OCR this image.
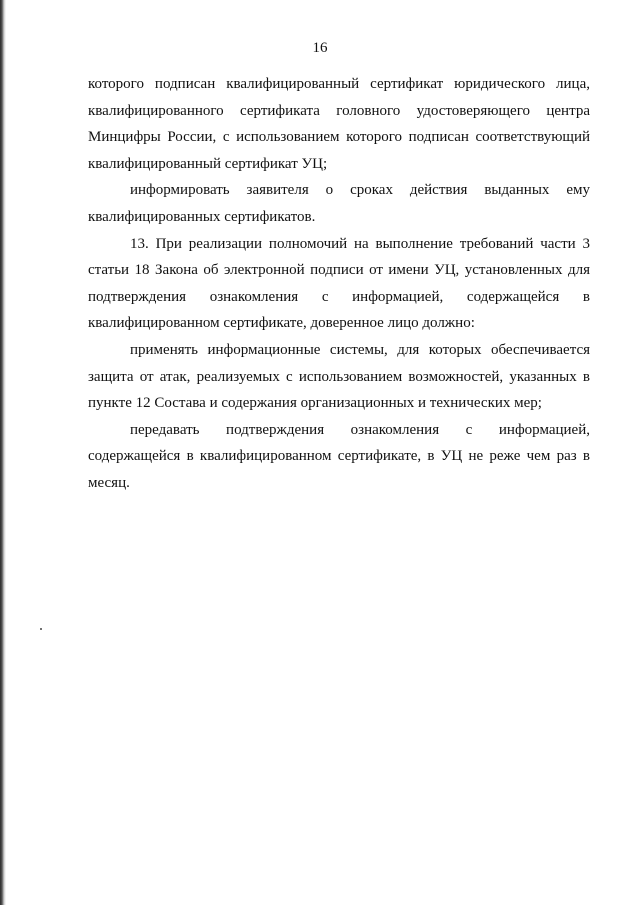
16

которого подписан квалифицированный сертификат юридического лица, квалифицированного сертификата головного удостоверяющего центра Минцифры России, с использованием которого подписан соответствующий квалифицированный сертификат УЦ;

информировать заявителя о сроках действия выданных ему квалифицированных сертификатов.

13. При реализации полномочий на выполнение требований части 3 статьи 18 Закона об электронной подписи от имени УЦ, установленных для подтверждения ознакомления с информацией, содержащейся в квалифицированном сертификате, доверенное лицо должно:

применять информационные системы, для которых обеспечивается защита от атак, реализуемых с использованием возможностей, указанных в пункте 12 Состава и содержания организационных и технических мер;

передавать подтверждения ознакомления с информацией, содержащейся в квалифицированном сертификате, в УЦ не реже чем раз в месяц.
